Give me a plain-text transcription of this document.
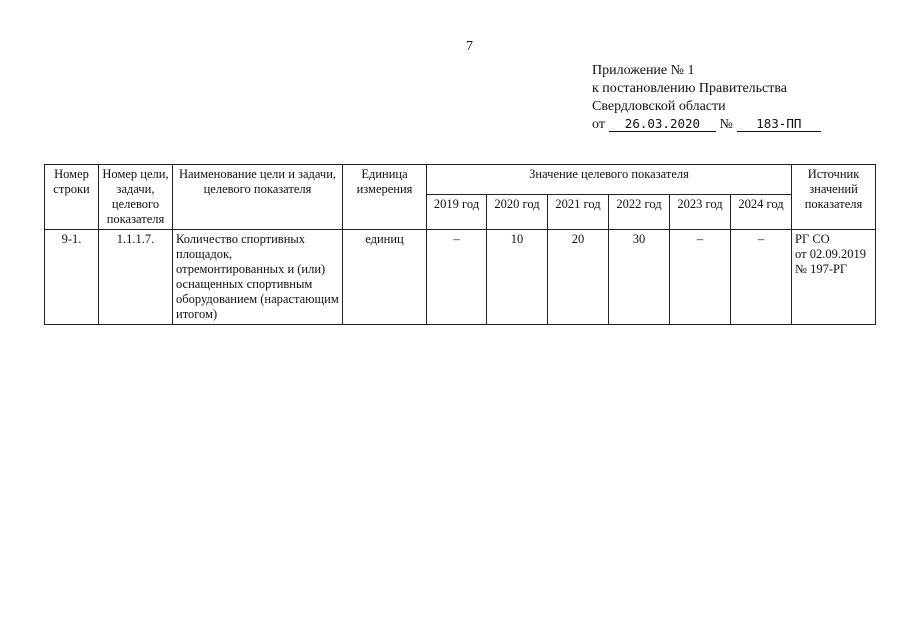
7
Приложение № 1
к постановлению Правительства
Свердловской области
от 26.03.2020 № 183-ПП
Номер строки	Номер цели, задачи, целевого показателя	Наименование цели и задачи, целевого показателя	Единица измерения	Значение целевого показателя						Источник значений показателя
				2019 год	2020 год	2021 год	2022 год	2023 год	2024 год	
9-1.	1.1.1.7.	Количество спортивных площадок, отремонтированных и (или) оснащенных спортивным оборудованием (нарастающим итогом)	единиц	–	10	20	30	–	–	РГ СО
от 02.09.2019
№ 197-РГ
